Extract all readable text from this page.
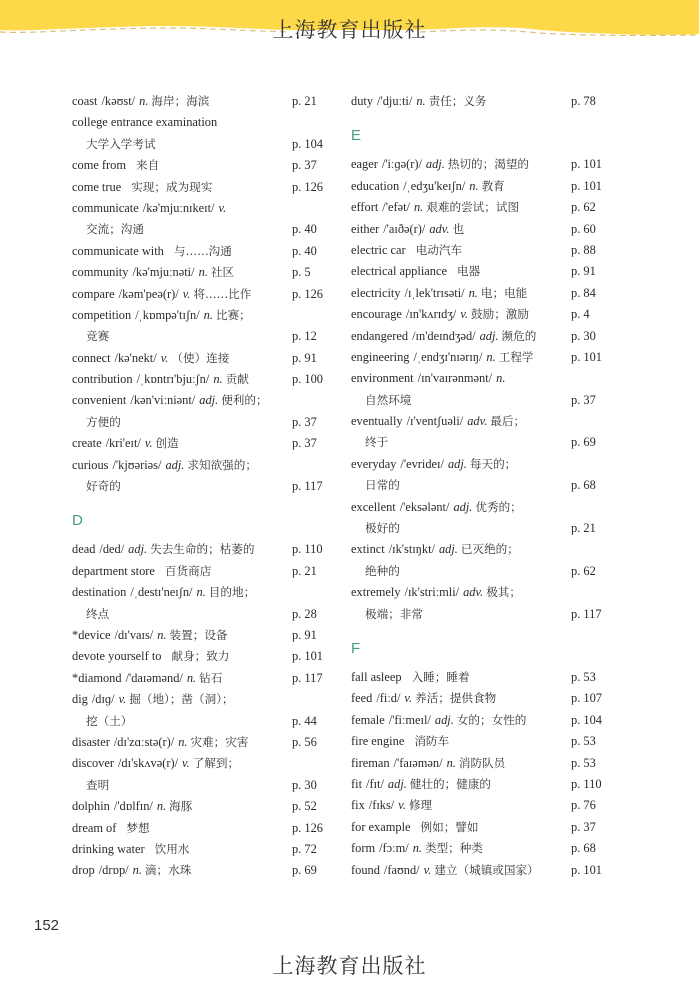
上海教育出版社
coast /kəʊst/ n. 海岸；海滨	p. 21
college entrance examination
大学入学考试	p. 104
come from 来自	p. 37
come true 实现；成为现实	p. 126
communicate /kə'mjuːnɪkeɪt/ v.
交流；沟通	p. 40
communicate with 与……沟通	p. 40
community /kə'mjuːnəti/ n. 社区	p. 5
compare /kəm'peə(r)/ v. 将……比作	p. 126
competition /ˌkɒmpə'tɪʃn/ n. 比赛；
竞赛	p. 12
connect /kə'nekt/ v. （使）连接	p. 91
contribution /ˌkɒntrɪ'bjuːʃn/ n. 贡献	p. 100
convenient /kən'viːniənt/ adj. 便利的；
方便的	p. 37
create /kri'eɪt/ v. 创造	p. 37
curious /'kjʊəriəs/ adj. 求知欲强的；
好奇的	p. 117
D
dead /ded/ adj. 失去生命的；枯萎的	p. 110
department store 百货商店	p. 21
destination /ˌdestɪ'neɪʃn/ n. 目的地；
终点	p. 28
*device /dɪ'vaɪs/ n. 装置；设备	p. 91
devote yourself to 献身；致力	p. 101
*diamond /'daɪəmənd/ n. 钻石	p. 117
dig /dɪɡ/ v. 掘（地）；凿（洞）；
挖（土）	p. 44
disaster /dɪ'zɑːstə(r)/ n. 灾难；灾害	p. 56
discover /dɪ'skʌvə(r)/ v. 了解到；
查明	p. 30
dolphin /'dɒlfɪn/ n. 海豚	p. 52
dream of 梦想	p. 126
drinking water 饮用水	p. 72
drop /drɒp/ n. 滴；水珠	p. 69
duty /'djuːti/ n. 责任；义务	p. 78
E
eager /'iːɡə(r)/ adj. 热切的；渴望的	p. 101
education /ˌedʒu'keɪʃn/ n. 教育	p. 101
effort /'efət/ n. 艰难的尝试；试图	p. 62
either /'aɪðə(r)/ adv. 也	p. 60
electric car 电动汽车	p. 88
electrical appliance 电器	p. 91
electricity /ɪˌlek'trɪsəti/ n. 电；电能	p. 84
encourage /ɪn'kʌrɪdʒ/ v. 鼓励；激励	p. 4
endangered /ɪn'deɪndʒəd/ adj. 濒危的	p. 30
engineering /ˌendʒɪ'nɪərɪŋ/ n. 工程学	p. 101
environment /ɪn'vaɪrənmənt/ n.
自然环境	p. 37
eventually /ɪ'ventʃuəli/ adv. 最后；
终于	p. 69
everyday /'evrideɪ/ adj. 每天的；
日常的	p. 68
excellent /'eksələnt/ adj. 优秀的；
极好的	p. 21
extinct /ɪk'stɪŋkt/ adj. 已灭绝的；
绝种的	p. 62
extremely /ɪk'striːmli/ adv. 极其；
极端；非常	p. 117
F
fall asleep 入睡；睡着	p. 53
feed /fiːd/ v. 养活；提供食物	p. 107
female /'fiːmeɪl/ adj. 女的；女性的	p. 104
fire engine 消防车	p. 53
fireman /'faɪəmən/ n. 消防队员	p. 53
fit /fɪt/ adj. 健壮的；健康的	p. 110
fix /fɪks/ v. 修理	p. 76
for example 例如；譬如	p. 37
form /fɔːm/ n. 类型；种类	p. 68
found /faʊnd/ v. 建立（城镇或国家）	p. 101
152
上海教育出版社
